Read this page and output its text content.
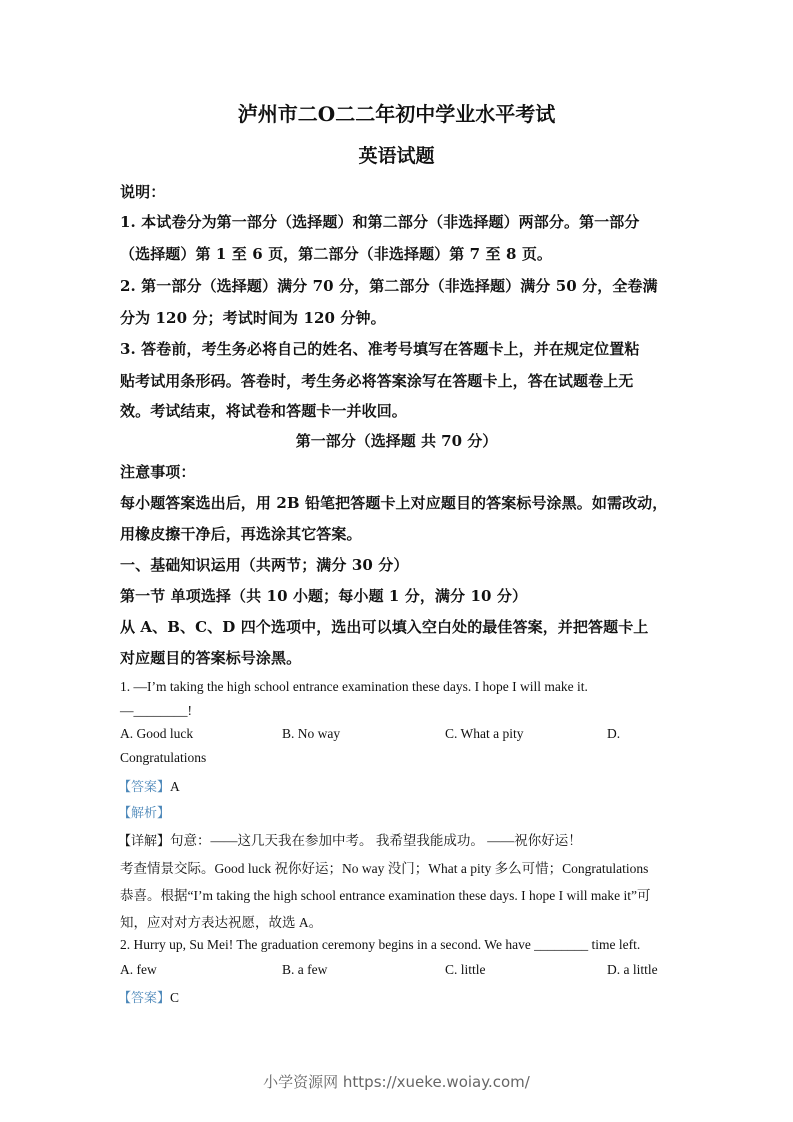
泸州市二O二二年初中学业水平考试
英语试题
说明：
1. 本试卷分为第一部分（选择题）和第二部分（非选择题）两部分。第一部分
（选择题）第 1 至 6 页，第二部分（非选择题）第 7 至 8 页。
2. 第一部分（选择题）满分 70 分，第二部分（非选择题）满分 50 分，全卷满
分为 120 分；考试时间为 120 分钟。
3. 答卷前，考生务必将自己的姓名、准考号填写在答题卡上，并在规定位置粘
贴考试用条形码。答卷时，考生务必将答案涂写在答题卡上，答在试题卷上无
效。考试结束，将试卷和答题卡一并收回。
第一部分（选择题 共 70 分）
注意事项：
每小题答案选出后，用 2B 铅笔把答题卡上对应题目的答案标号涂黑。如需改动，
用橡皮擦干净后，再选涂其它答案。
一、基础知识运用（共两节；满分 30 分）
第一节 单项选择（共 10 小题；每小题 1 分，满分 10 分）
从 A、B、C、D 四个选项中，选出可以填入空白处的最佳答案，并把答题卡上
对应题目的答案标号涂黑。
1. —I’m taking the high school entrance examination these days. I hope I will make it.
—________!
A. Good luck	B. No way	C. What a pity	D.
Congratulations
【答案】A
【解析】
【详解】句意：——这几天我在参加中考。 我希望我能成功。 ——祝你好运！
考查情景交际。Good luck 祝你好运；No way 没门；What a pity 多么可惜；Congratulations
恭喜。根据“I’m taking the high school entrance examination these days. I hope I will make it”可
知，应对对方表达祝愿，故选 A。
2. Hurry up, Su Mei! The graduation ceremony begins in a second. We have ________ time left.
A. few	B. a few	C. little	D. a little
【答案】C
小学资源网 https://xueke.woiay.com/
